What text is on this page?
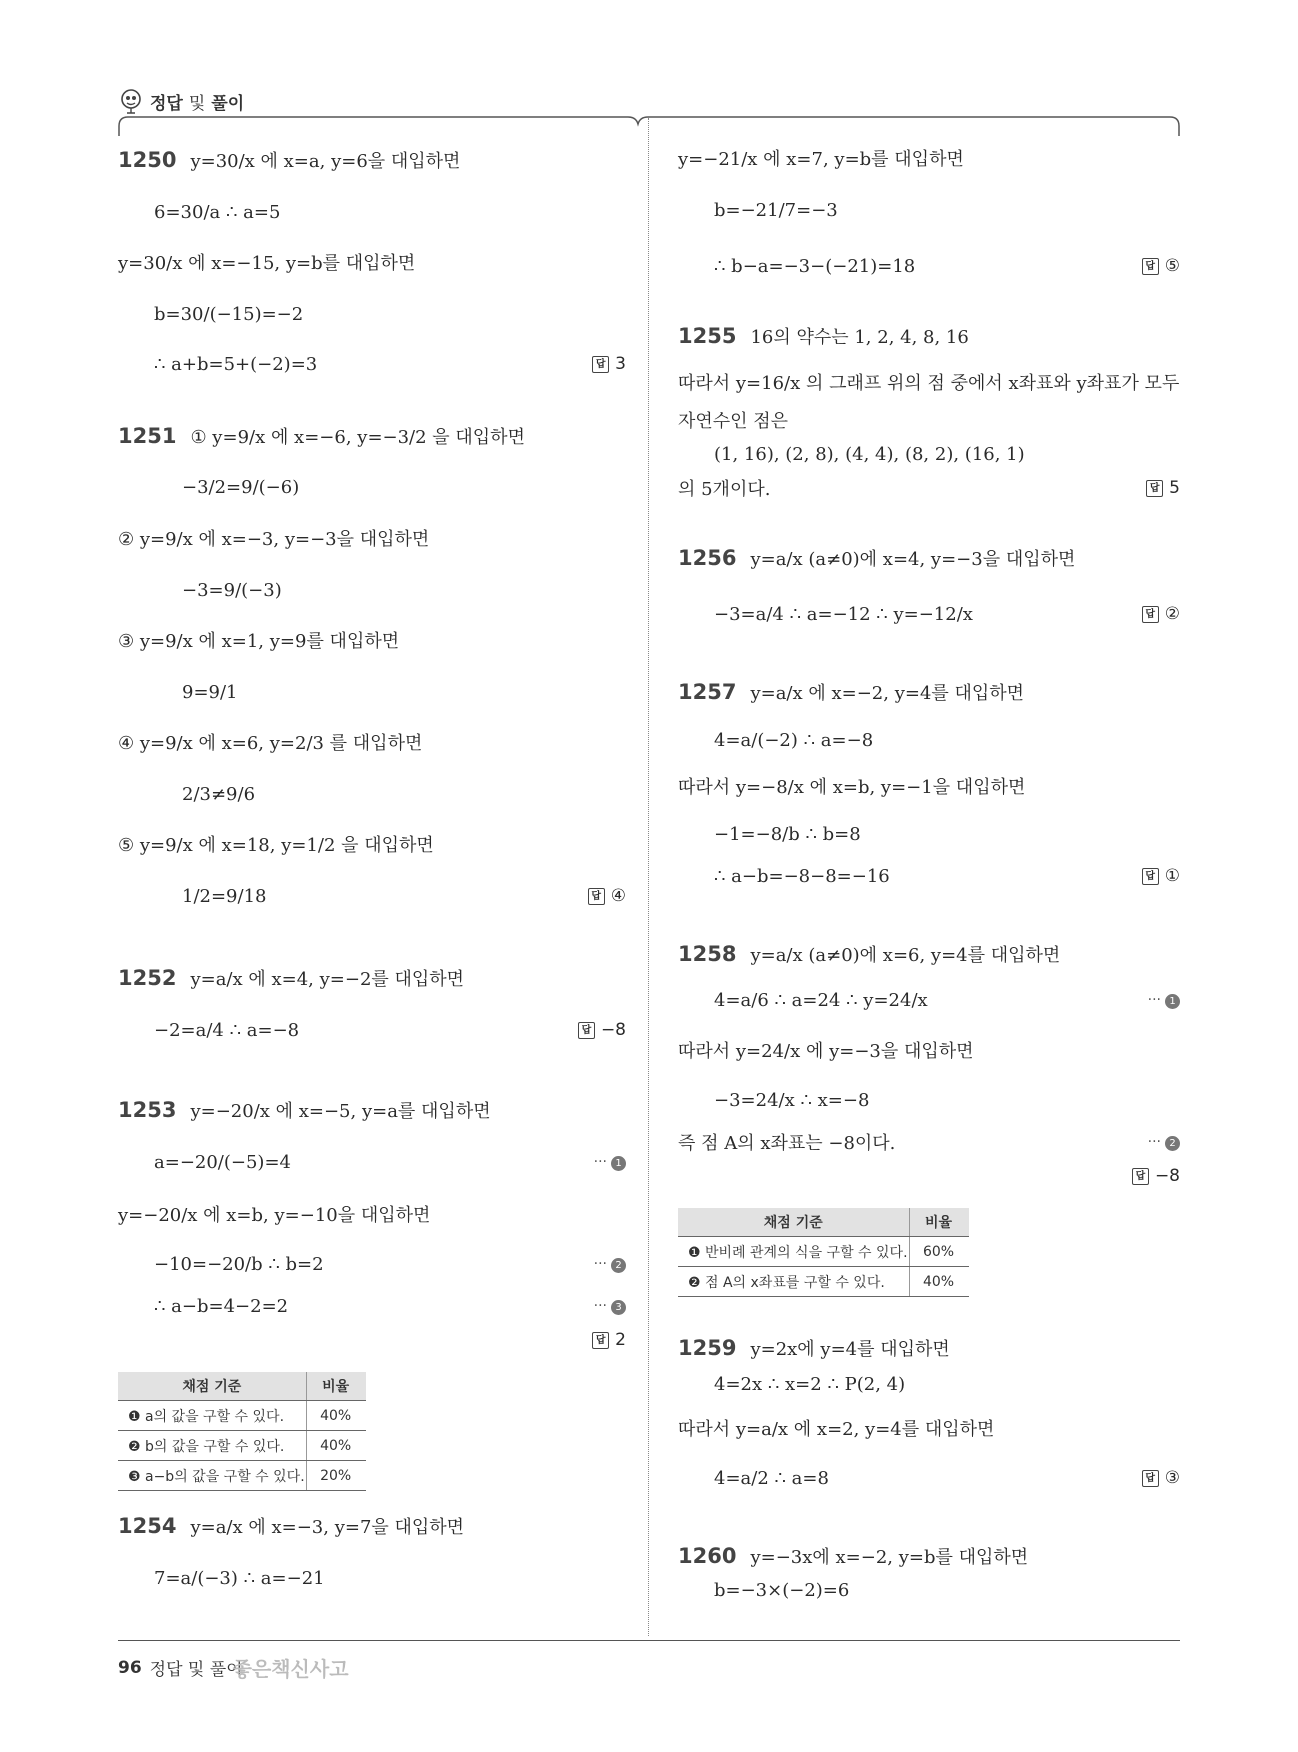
정답 및 풀이
1250 y=30/x 에 x=a, y=6을 대입하면
6=30/a ∴ a=5
y=30/x 에 x=−15, y=b를 대입하면
b=30/(−15)=−2
∴ a+b=5+(−2)=3	답 3
1251 ① y=9/x 에 x=−6, y=−3/2 을 대입하면
−3/2=9/(−6)
② y=9/x 에 x=−3, y=−3을 대입하면
−3=9/(−3)
③ y=9/x 에 x=1, y=9를 대입하면
9=9/1
④ y=9/x 에 x=6, y=2/3 를 대입하면
2/3≠9/6
⑤ y=9/x 에 x=18, y=1/2 을 대입하면
1/2=9/18	답 ④
1252 y=a/x 에 x=4, y=−2를 대입하면
−2=a/4 ∴ a=−8	답 −8
1253 y=−20/x 에 x=−5, y=a를 대입하면
a=−20/(−5)=4	··· 1
y=−20/x 에 x=b, y=−10을 대입하면
−10=−20/b ∴ b=2	··· 2
∴ a−b=4−2=2	··· 3
답 2
1254 y=a/x 에 x=−3, y=7을 대입하면
7=a/(−3) ∴ a=−21
채점 기준	비율
❶ a의 값을 구할 수 있다.	40%
❷ b의 값을 구할 수 있다.	40%
❸ a−b의 값을 구할 수 있다.	20%
y=−21/x 에 x=7, y=b를 대입하면
b=−21/7=−3
∴ b−a=−3−(−21)=18	답 ⑤
1255 16의 약수는 1, 2, 4, 8, 16
따라서 y=16/x 의 그래프 위의 점 중에서 x좌표와 y좌표가 모두
자연수인 점은
(1, 16), (2, 8), (4, 4), (8, 2), (16, 1)
의 5개이다.	답 5
1256 y=a/x (a≠0)에 x=4, y=−3을 대입하면
−3=a/4 ∴ a=−12 ∴ y=−12/x	답 ②
1257 y=a/x 에 x=−2, y=4를 대입하면
4=a/(−2) ∴ a=−8
따라서 y=−8/x 에 x=b, y=−1을 대입하면
−1=−8/b ∴ b=8
∴ a−b=−8−8=−16	답 ①
1258 y=a/x (a≠0)에 x=6, y=4를 대입하면
4=a/6 ∴ a=24 ∴ y=24/x	··· 1
따라서 y=24/x 에 y=−3을 대입하면
−3=24/x ∴ x=−8
즉 점 A의 x좌표는 −8이다.	··· 2
답 −8
1259 y=2x에 y=4를 대입하면
4=2x ∴ x=2 ∴ P(2, 4)
따라서 y=a/x 에 x=2, y=4를 대입하면
4=a/2 ∴ a=8	답 ③
1260 y=−3x에 x=−2, y=b를 대입하면
b=−3×(−2)=6
채점 기준	비율
❶ 반비례 관계의 식을 구할 수 있다.	60%
❷ 점 A의 x좌표를 구할 수 있다.	40%
96 정답 및 풀이
좋은책신사고
